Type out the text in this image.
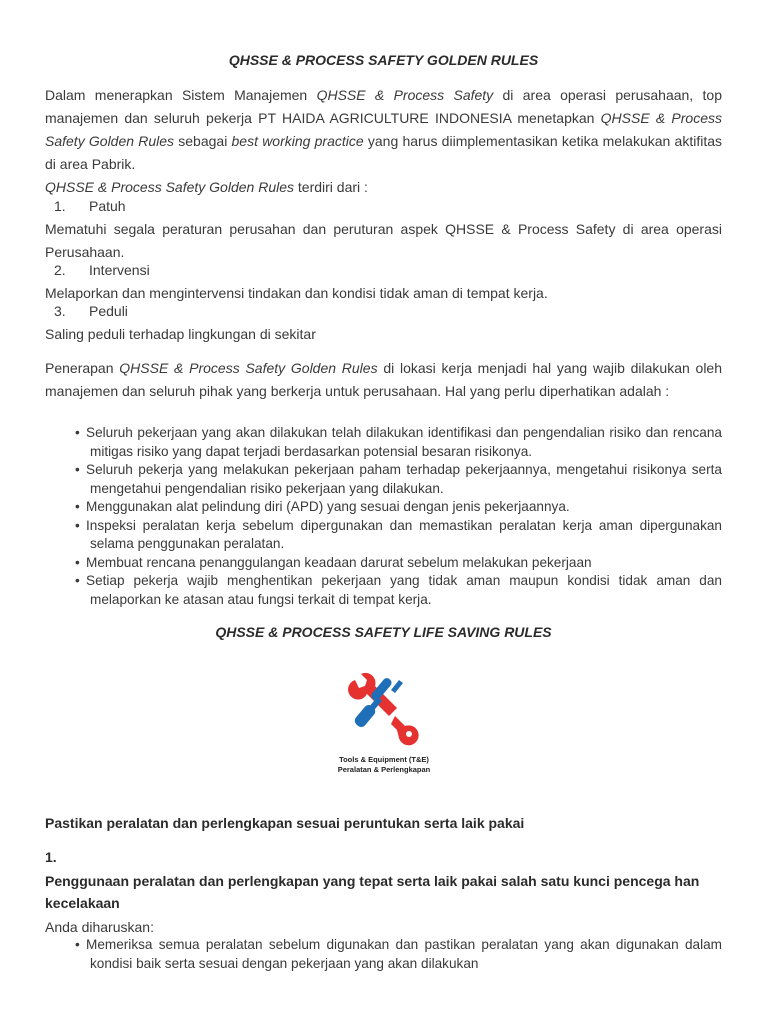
QHSSE & PROCESS SAFETY GOLDEN RULES

Dalam menerapkan Sistem Manajemen QHSSE & Process Safety di area operasi perusahaan, top manajemen dan seluruh pekerja PT HAIDA AGRICULTURE INDONESIA menetapkan QHSSE & Process Safety Golden Rules sebagai best working practice yang harus diimplementasikan ketika melakukan aktifitas di area Pabrik.

QHSSE & Process Safety Golden Rules terdiri dari :

1. Patuh

Mematuhi segala peraturan perusahan dan peruturan aspek QHSSE & Process Safety di area operasi Perusahaan.

2. Intervensi

Melaporkan dan mengintervensi tindakan dan kondisi tidak aman di tempat kerja.

3. Peduli

Saling peduli terhadap lingkungan di sekitar

Penerapan QHSSE & Process Safety Golden Rules di lokasi kerja menjadi hal yang wajib dilakukan oleh manajemen dan seluruh pihak yang berkerja untuk perusahaan. Hal yang perlu diperhatikan adalah :

• Seluruh pekerjaan yang akan dilakukan telah dilakukan identifikasi dan pengendalian risiko dan rencana mitigas risiko yang dapat terjadi berdasarkan potensial besaran risikonya.
• Seluruh pekerja yang melakukan pekerjaan paham terhadap pekerjaannya, mengetahui risikonya serta mengetahui pengendalian risiko pekerjaan yang dilakukan.
• Menggunakan alat pelindung diri (APD) yang sesuai dengan jenis pekerjaannya.
• Inspeksi peralatan kerja sebelum dipergunakan dan memastikan peralatan kerja aman dipergunakan selama penggunakan peralatan.
• Membuat rencana penanggulangan keadaan darurat sebelum melakukan pekerjaan
• Setiap pekerja wajib menghentikan pekerjaan yang tidak aman maupun kondisi tidak aman dan melaporkan ke atasan atau fungsi terkait di tempat kerja.
QHSSE & PROCESS SAFETY LIFE SAVING RULES
Pastikan peralatan dan perlengkapan sesuai peruntukan serta laik pakai
1.
Penggunaan peralatan dan perlengkapan yang tepat serta laik pakai salah satu kunci pencega han kecelakaan
Anda diharuskan:
• Memeriksa semua peralatan sebelum digunakan dan pastikan peralatan yang akan digunakan dalam kondisi baik serta sesuai dengan pekerjaan yang akan dilakukan
Tools & Equipment (T&E)
Peralatan & Perlengkapan
